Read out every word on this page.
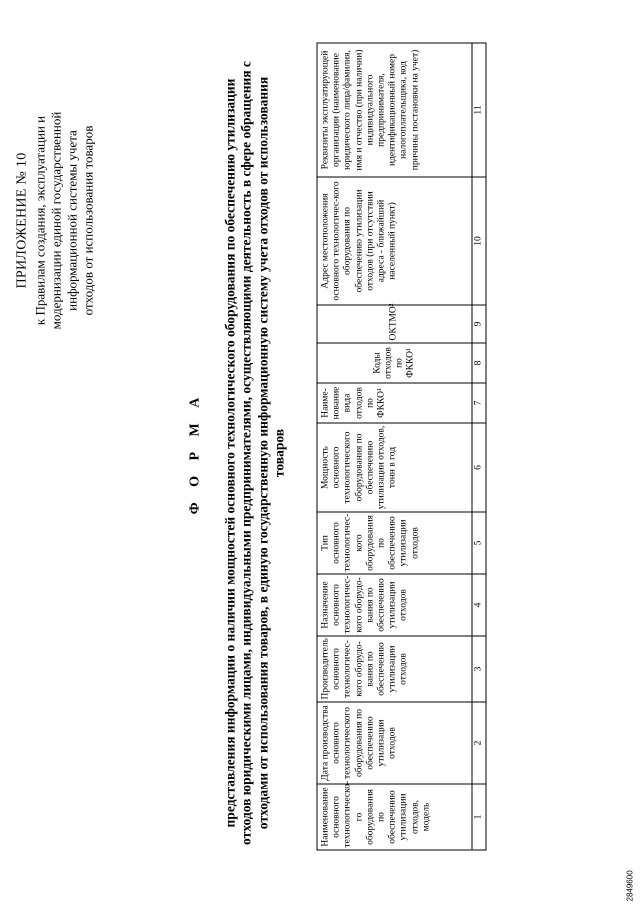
ПРИЛОЖЕНИЕ № 10 к Правилам создания, эксплуатации и модернизации единой государственной информационной системы учета отходов от использования товаров
Ф О Р М А представления информации о наличии мощностей основного технологического оборудования по обеспечению утилизации отходов юридическими лицами, индивидуальными предпринимателями, осуществляющими деятельность в сфере обращения с отходами от использования товаров, в единую государственную информационную систему учета отходов от использования товаров
Наименование основного технологическо-го оборудования по обеспечению утилизации отходов, модель	Дата производства основного технологического оборудования по обеспечению утилизации отходов	Производитель основного технологичес-кого оборудо-вания по обеспечению утилизации отходов	Назначение основного технологичес-кого оборудо-вания по обеспечению утилизации отходов	Тип основного технологичес-кого оборудования по обеспечению утилизации отходов	Мощность основного технологического оборудования по обеспечению утилизации отходов, тонн в год	Наиме-нование вида отходов по ФККО¹	Коды отходов по ФККО¹	ОКТМО²	Адрес местоположения основного технологичес-кого оборудования по обеспечению утилизации отходов (при отсутствии адреса - ближайший населенный пункт)	Реквизиты эксплуатирующей организации (наименование юридического лица/фамилия, имя и отчество (при наличии) индивидуального предпринимателя, идентификационный номер налогоплательщика, код причины постановки на учет)
1	2	3	4	5	6	7	8	9	10	11
2849600
